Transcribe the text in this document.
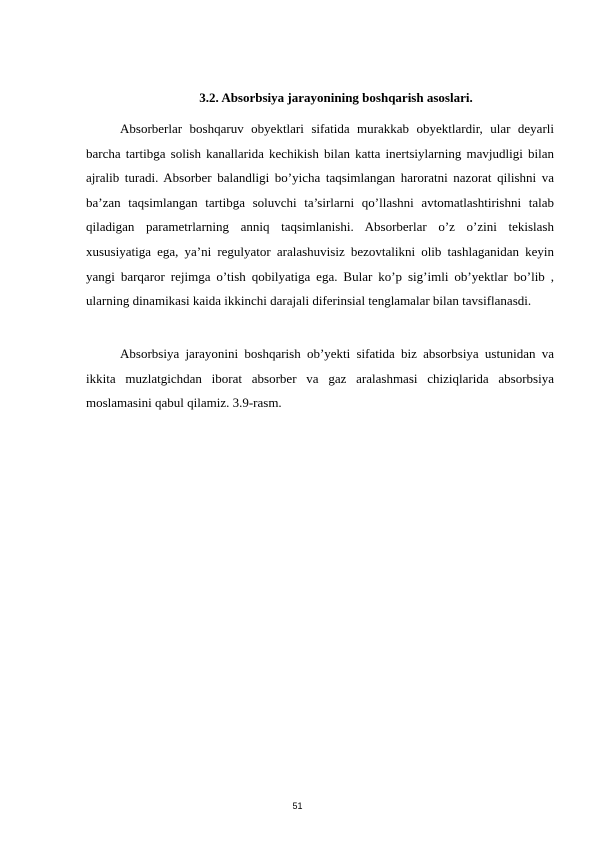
3.2. Absorbsiya jarayonining boshqarish asoslari.

Absorberlar boshqaruv obyektlari sifatida murakkab obyektlardir, ular deyarli barcha tartibga solish kanallarida kechikish bilan katta inertsiylarning mavjudligi bilan ajralib turadi. Absorber balandligi bo’yicha taqsimlangan haroratni nazorat qilishni va ba’zan taqsimlangan tartibga soluvchi ta’sirlarni qo’llashni avtomatlashtirishni talab qiladigan parametrlarning anniq taqsimlanishi. Absorberlar o’z o’zini tekislash xususiyatiga ega, ya’ni regulyator aralashuvisiz bezovtalikni olib tashlaganidan keyin yangi barqaror rejimga o’tish qobilyatiga ega. Bular ko’p sig’imli ob’yektlar bo’lib , ularning dinamikasi kaida ikkinchi darajali diferinsial tenglamalar bilan tavsiflanasdi.

Absorbsiya jarayonini boshqarish ob’yekti sifatida biz absorbsiya ustunidan va ikkita muzlatgichdan iborat absorber va gaz aralashmasi chiziqlarida absorbsiya moslamasini qabul qilamiz. 3.9-rasm.

51
